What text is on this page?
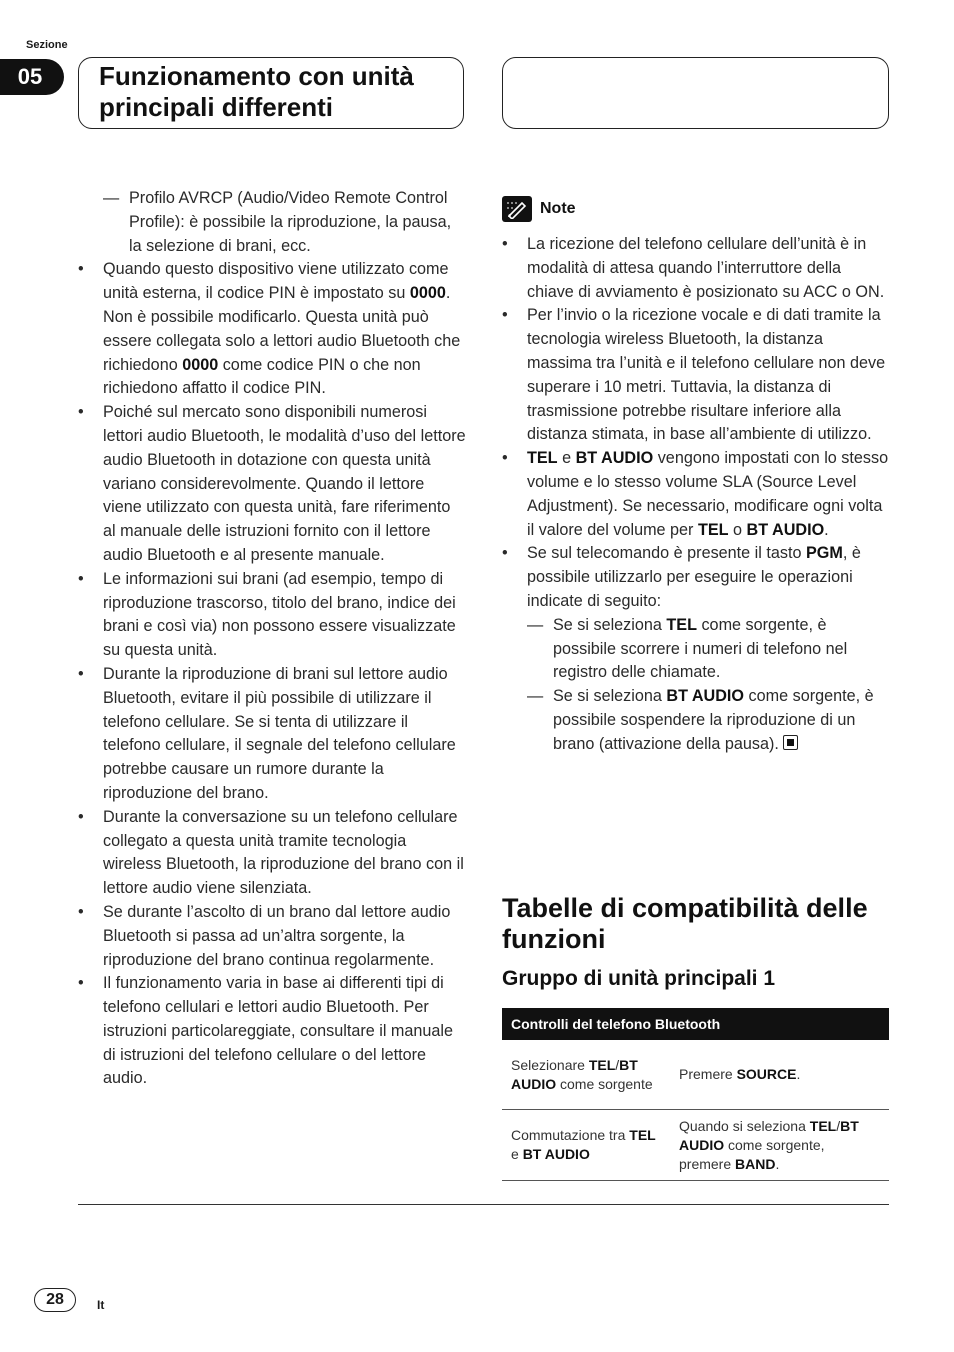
Sezione
05	Funzionamento con unità principali differenti
— Profilo AVRCP (Audio/Video Remote Control Profile): è possibile la riproduzione, la pausa, la selezione di brani, ecc.
• Quando questo dispositivo viene utilizzato come unità esterna, il codice PIN è impostato su 0000. Non è possibile modificarlo. Questa unità può essere collegata solo a lettori audio Bluetooth che richiedono 0000 come codice PIN o che non richiedono affatto il codice PIN.
• Poiché sul mercato sono disponibili numerosi lettori audio Bluetooth, le modalità d’uso del lettore audio Bluetooth in dotazione con questa unità variano considerevolmente. Quando il lettore viene utilizzato con questa unità, fare riferimento al manuale delle istruzioni fornito con il lettore audio Bluetooth e al presente manuale.
• Le informazioni sui brani (ad esempio, tempo di riproduzione trascorso, titolo del brano, indice dei brani e così via) non possono essere visualizzate su questa unità.
• Durante la riproduzione di brani sul lettore audio Bluetooth, evitare il più possibile di utilizzare il telefono cellulare. Se si tenta di utilizzare il telefono cellulare, il segnale del telefono cellulare potrebbe causare un rumore durante la riproduzione del brano.
• Durante la conversazione su un telefono cellulare collegato a questa unità tramite tecnologia wireless Bluetooth, la riproduzione del brano con il lettore audio viene silenziata.
• Se durante l’ascolto di un brano dal lettore audio Bluetooth si passa ad un’altra sorgente, la riproduzione del brano continua regolarmente.
• Il funzionamento varia in base ai differenti tipi di telefono cellulari e lettori audio Bluetooth. Per istruzioni particolareggiate, consultare il manuale di istruzioni del telefono cellulare o del lettore audio.
Note
• La ricezione del telefono cellulare dell’unità è in modalità di attesa quando l’interruttore della chiave di avviamento è posizionato su ACC o ON.
• Per l’invio o la ricezione vocale e di dati tramite la tecnologia wireless Bluetooth, la distanza massima tra l’unità e il telefono cellulare non deve superare i 10 metri. Tuttavia, la distanza di trasmissione potrebbe risultare inferiore alla distanza stimata, in base all’ambiente di utilizzo.
• TEL e BT AUDIO vengono impostati con lo stesso volume e lo stesso volume SLA (Source Level Adjustment). Se necessario, modificare ogni volta il valore del volume per TEL o BT AUDIO.
• Se sul telecomando è presente il tasto PGM, è possibile utilizzarlo per eseguire le operazioni indicate di seguito:
— Se si seleziona TEL come sorgente, è possibile scorrere i numeri di telefono nel registro delle chiamate.
— Se si seleziona BT AUDIO come sorgente, è possibile sospendere la riproduzione di un brano (attivazione della pausa).
Tabelle di compatibilità delle funzioni
Gruppo di unità principali 1
Controlli del telefono Bluetooth	
Selezionare TEL/BT AUDIO come sorgente	Premere SOURCE.
Commutazione tra TEL e BT AUDIO	Quando si seleziona TEL/BT AUDIO come sorgente, premere BAND.
28	It
